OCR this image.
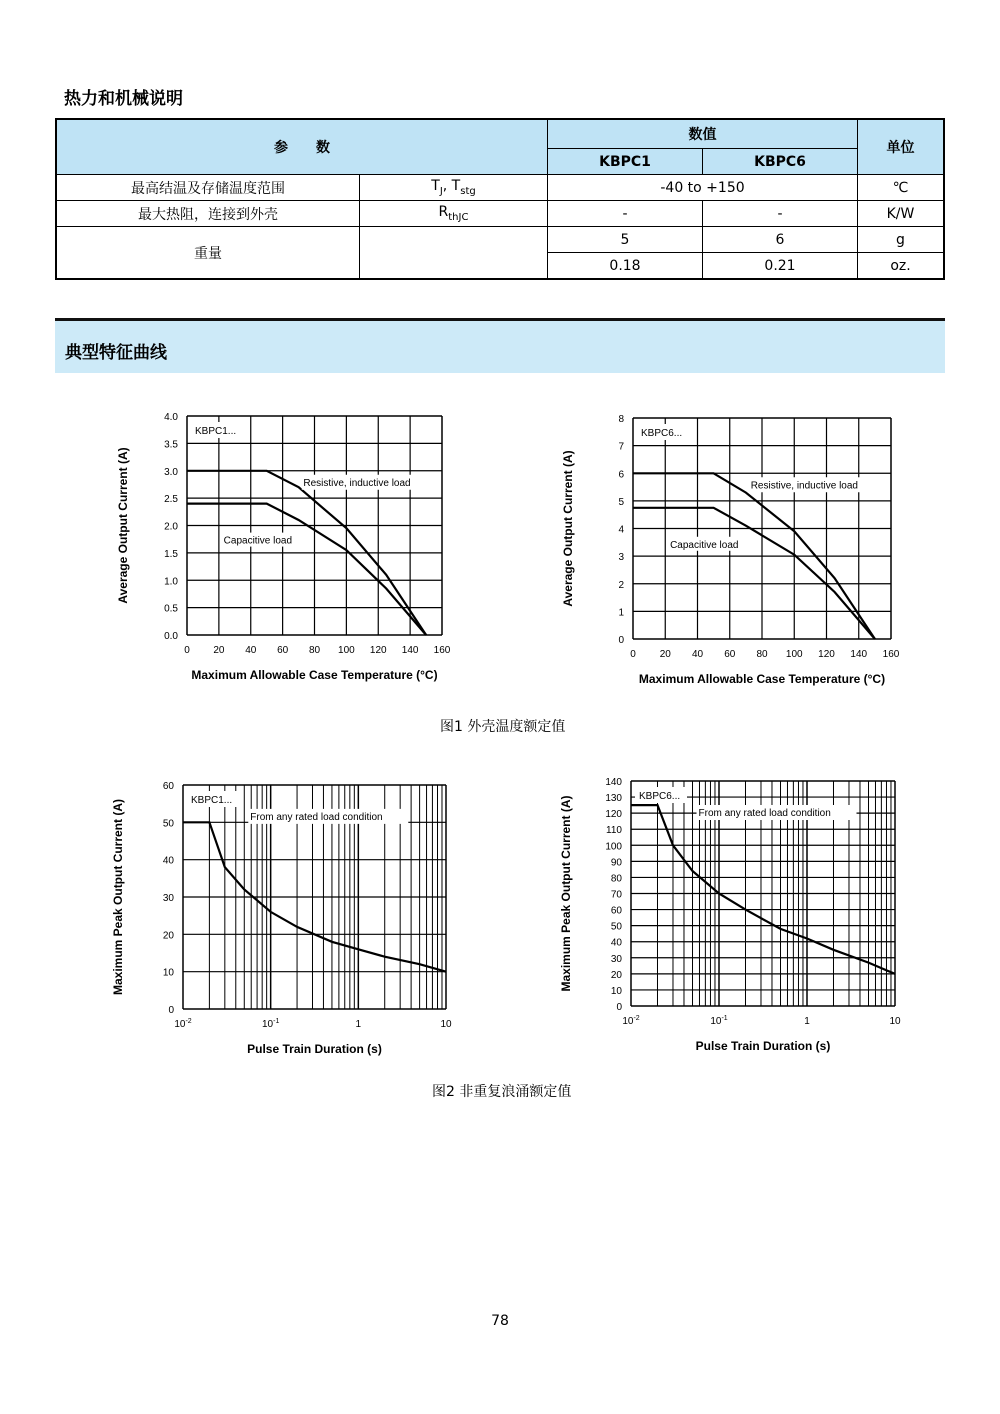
热力和机械说明
参　　数		数值		单位
		KBPC1	KBPC6	
最高结温及存储温度范围	$T_J$, $T_{stg}$	-40 to +150		℃
最大热阻，连接到外壳	$R_{thJC}$	-	-	K/W
重量		5	6	g
		0.18	0.21	oz.
典型特征曲线
0.0
0.5
1.0
1.5
2.0
2.5
3.0
3.5
4.0
0 20 40 60 80 100 120 140 160
Maximum Allowable Case Temperature (°C)
Average Output Current (A)
KBPC1...
Resistive, inductive load
Capacitive load
0
1
2
3
4
5
6
7
8
0 20 40 60 80 100 120 140 160
Maximum Allowable Case Temperature (°C)
Average Output Current (A)
KBPC6...
Resistive, inductive load
Capacitive load
0
10
20
30
40
50
60
$10^{-2}$	$10^{-1}$	1	10
Pulse Train Duration (s)
Maximum Peak Output Current (A)	KBPC1...
From any rated load condition
0
10
20
30
40
50
60
70
80
90
100
110
120
130
140
$10^{-2}$	$10^{-1}$	1	10
Pulse Train Duration (s)
Maximum Peak Output Current (A)	KBPC6...
From any rated load condition
图1 外壳温度额定值
图2 非重复浪涌额定值
78
